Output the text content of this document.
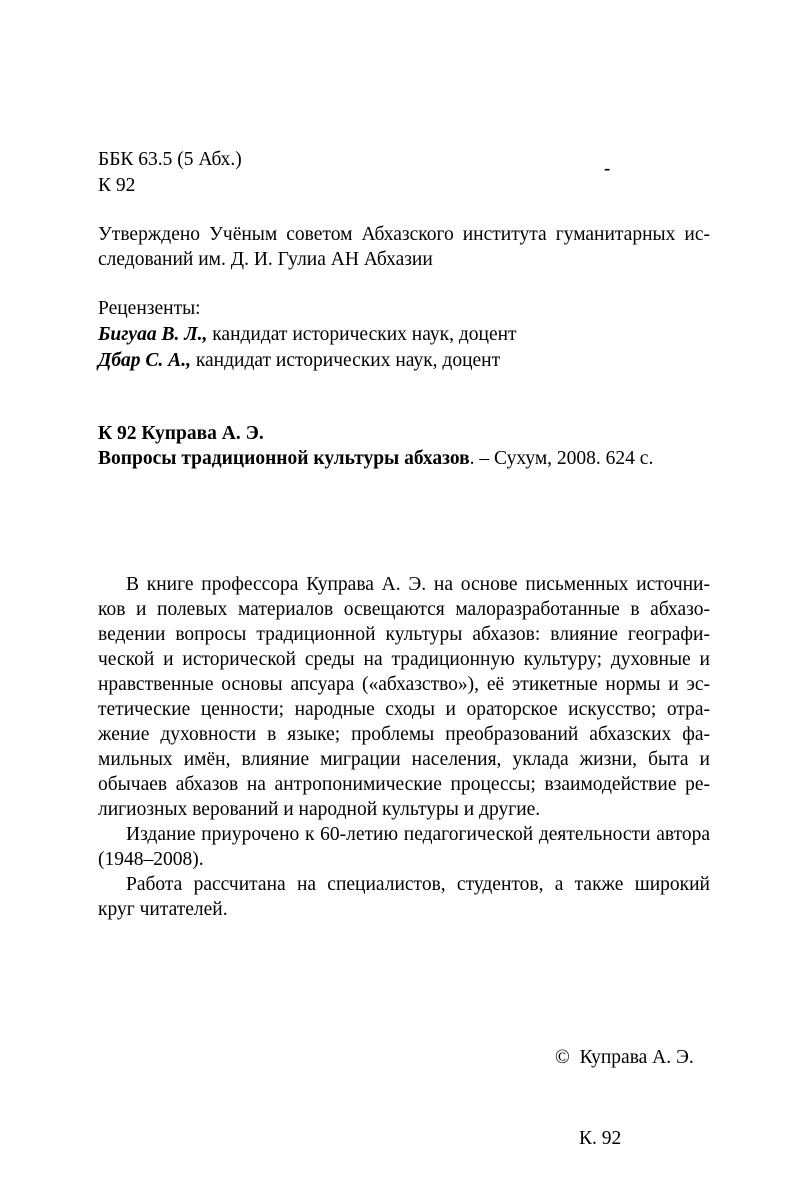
-
ББК 63.5 (5 Абх.)
К 92
Утверждено Учёным советом Абхазского института гуманитарных ис-
следований им. Д. И. Гулиа АН Абхазии
Рецензенты:
Бигуаа В. Л., кандидат исторических наук, доцент
Дбар С. А., кандидат исторических наук, доцент
К 92 Куправа А. Э.
Вопросы традиционной культуры абхазов. – Сухум, 2008. 624 с.
В книге профессора Куправа А. Э. на основе письменных источни-
ков и полевых материалов освещаются малоразработанные в абхазо-
ведении вопросы традиционной культуры абхазов: влияние географи-
ческой и исторической среды на традиционную культуру; духовные и
нравственные основы апсуара («абхазство»), её этикетные нормы и эс-
тетические ценности; народные сходы и ораторское искусство; отра-
жение духовности в языке; проблемы преобразований абхазских фа-
мильных имён, влияние миграции населения, уклада жизни, быта и
обычаев абхазов на антропонимические процессы; взаимодействие ре-
лигиозных верований и народной культуры и другие.
Издание приурочено к 60-летию педагогической деятельности автора
(1948–2008).
Работа рассчитана на специалистов, студентов, а также широкий
круг читателей.

©  Куправа А. Э.

К. 92
